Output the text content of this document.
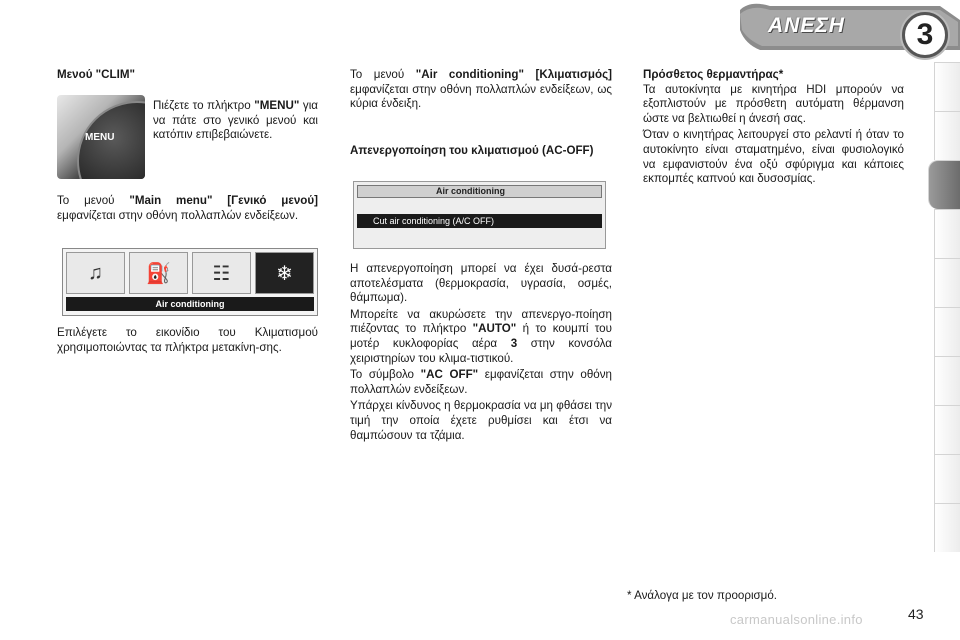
ΑΝΕΣΗ	3
Μενού "CLIM"
MENU

Πιέζετε το πλήκτρο "MENU" για να πάτε στο γενικό μενού και κατόπιν επιβεβαιώνετε.

Το μενού "Main menu" [Γενικό μενού] εμφανίζεται στην οθόνη πολλαπλών ενδείξεων.

♫	⛽	☷	❄
Air conditioning

Επιλέγετε το εικονίδιο του Κλιματισμού χρησιμοποιώντας τα πλήκτρα μετακίνη-σης.

Το μενού "Air conditioning" [Κλιματισμός] εμφανίζεται στην οθόνη πολλαπλών ενδείξεων, ως κύρια ένδειξη.

Απενεργοποίηση του κλιματισμού (AC-OFF)
Air conditioning
Cut air conditioning (A/C OFF)

Η απενεργοποίηση μπορεί να έχει δυσά-ρεστα αποτελέσματα (θερμοκρασία, υγρασία, οσμές, θάμπωμα).

Μπορείτε να ακυρώσετε την απενεργο-ποίηση πιέζοντας το πλήκτρο "AUTO" ή το κουμπί του μοτέρ κυκλοφορίας αέρα 3 στην κονσόλα χειριστηρίων του κλιμα-τιστικού.

Το σύμβολο "AC OFF" εμφανίζεται στην οθόνη πολλαπλών ενδείξεων.

Υπάρχει κίνδυνος η θερμοκρασία να μη φθάσει την τιμή την οποία έχετε ρυθμίσει και έτσι να θαμπώσουν τα τζάμια.

Πρόσθετος θερμαντήρας*

Τα αυτοκίνητα με κινητήρα HDI μπορούν να εξοπλιστούν με πρόσθετη αυτόματη θέρμανση ώστε να βελτιωθεί η άνεσή σας.

Όταν ο κινητήρας λειτουργεί στο ρελαντί ή όταν το αυτοκίνητο είναι σταματημένο, είναι φυσιολογικό να εμφανιστούν ένα οξύ σφύριγμα και κάποιες εκπομπές καπνού και δυσοσμίας.

* Ανάλογα με τον προορισμό.
carmanualsonline.info	43
